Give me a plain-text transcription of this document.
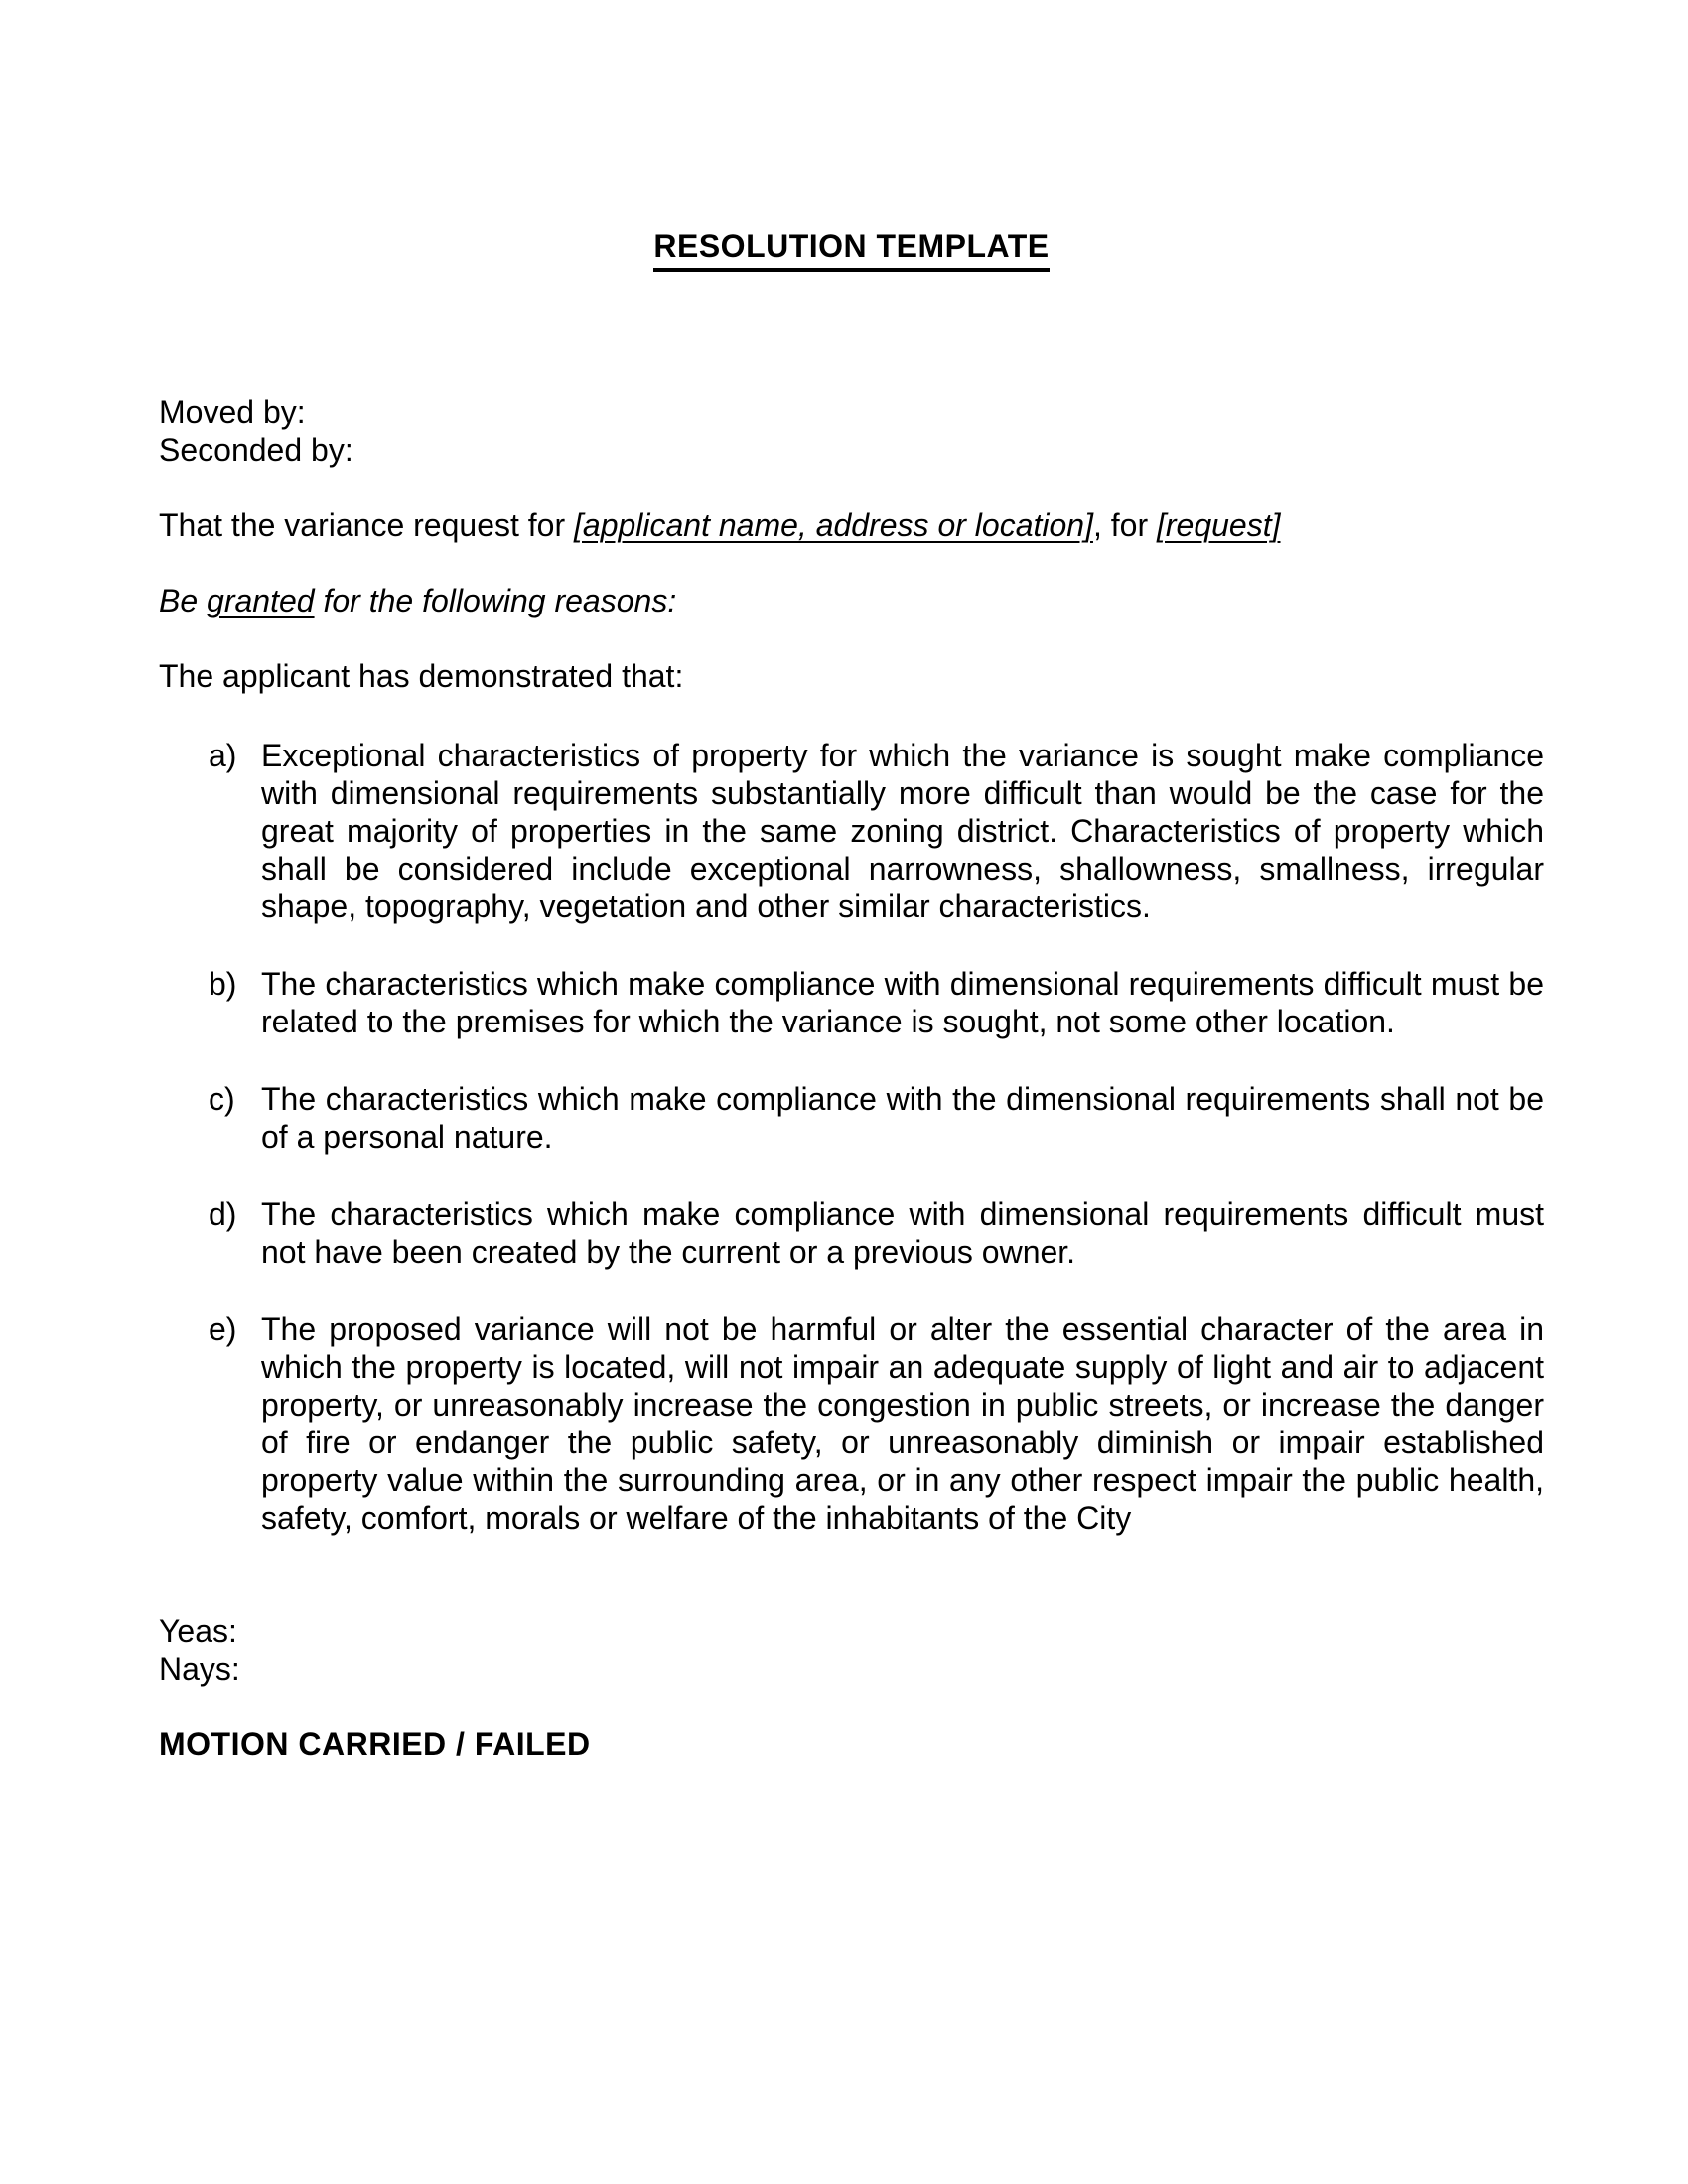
RESOLUTION TEMPLATE

Moved by:
Seconded by:

That the variance request for [applicant name, address or location], for [request]

Be granted for the following reasons:

The applicant has demonstrated that:

a) Exceptional characteristics of property for which the variance is sought make compliance with dimensional requirements substantially more difficult than would be the case for the great majority of properties in the same zoning district. Characteristics of property which shall be considered include exceptional narrowness, shallowness, smallness, irregular shape, topography, vegetation and other similar characteristics.
b) The characteristics which make compliance with dimensional requirements difficult must be related to the premises for which the variance is sought, not some other location.
c) The characteristics which make compliance with the dimensional requirements shall not be of a personal nature.
d) The characteristics which make compliance with dimensional requirements difficult must not have been created by the current or a previous owner.
e) The proposed variance will not be harmful or alter the essential character of the area in which the property is located, will not impair an adequate supply of light and air to adjacent property, or unreasonably increase the congestion in public streets, or increase the danger of fire or endanger the public safety, or unreasonably diminish or impair established property value within the surrounding area, or in any other respect impair the public health, safety, comfort, morals or welfare of the inhabitants of the City

Yeas:
Nays:

MOTION CARRIED / FAILED
